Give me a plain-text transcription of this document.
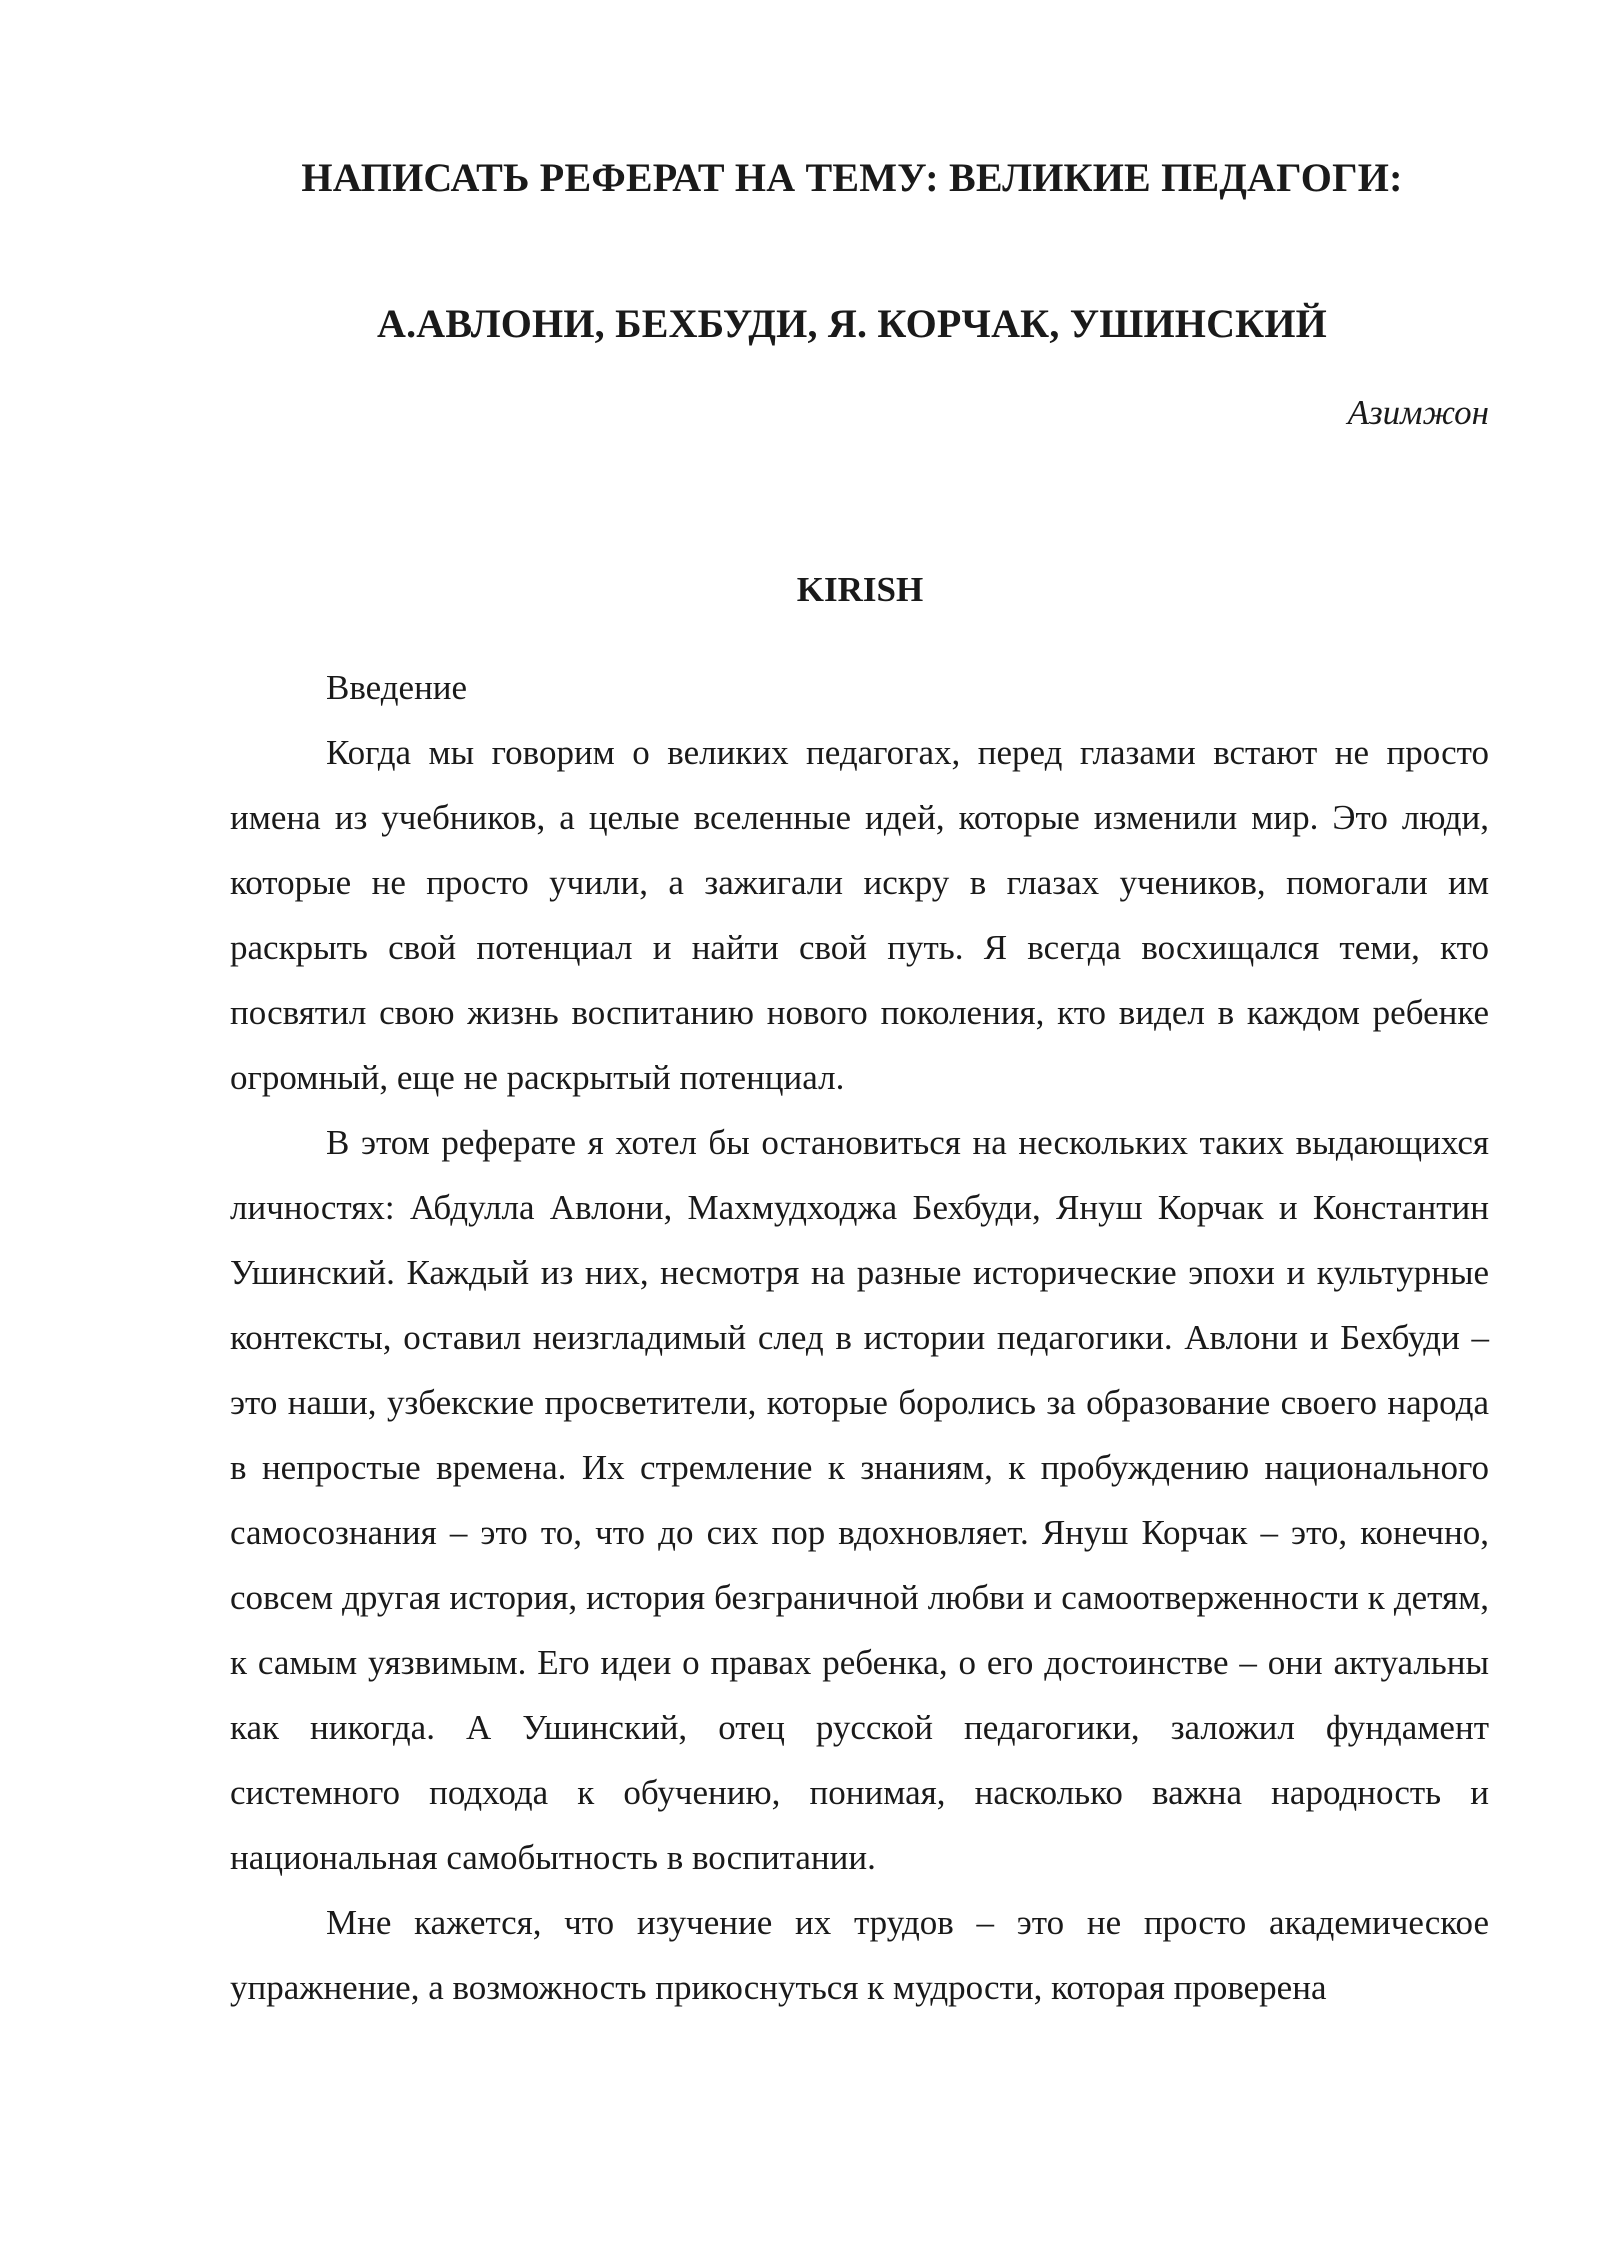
НАПИСАТЬ РЕФЕРАТ НА ТЕМУ: ВЕЛИКИЕ ПЕДАГОГИ:
А.АВЛОНИ, БЕХБУДИ, Я. КОРЧАК, УШИНСКИЙ
Азимжон
KIRISH

Введение

Когда мы говорим о великих педагогах, перед глазами встают не просто имена из учебников, а целые вселенные идей, которые изменили мир. Это люди, которые не просто учили, а зажигали искру в глазах учеников, помогали им раскрыть свой потенциал и найти свой путь. Я всегда восхищался теми, кто посвятил свою жизнь воспитанию нового поколения, кто видел в каждом ребенке огромный, еще не раскрытый потенциал.

В этом реферате я хотел бы остановиться на нескольких таких выдающихся личностях: Абдулла Авлони, Махмудходжа Бехбуди, Януш Корчак и Константин Ушинский. Каждый из них, несмотря на разные исторические эпохи и культурные контексты, оставил неизгладимый след в истории педагогики. Авлони и Бехбуди – это наши, узбекские просветители, которые боролись за образование своего народа в непростые времена. Их стремление к знаниям, к пробуждению национального самосознания – это то, что до сих пор вдохновляет. Януш Корчак – это, конечно, совсем другая история, история безграничной любви и самоотверженности к детям, к самым уязвимым. Его идеи о правах ребенка, о его достоинстве – они актуальны как никогда. А Ушинский, отец русской педагогики, заложил фундамент системного подхода к обучению, понимая, насколько важна народность и национальная самобытность в воспитании.

Мне кажется, что изучение их трудов – это не просто академическое упражнение, а возможность прикоснуться к мудрости, которая проверена
